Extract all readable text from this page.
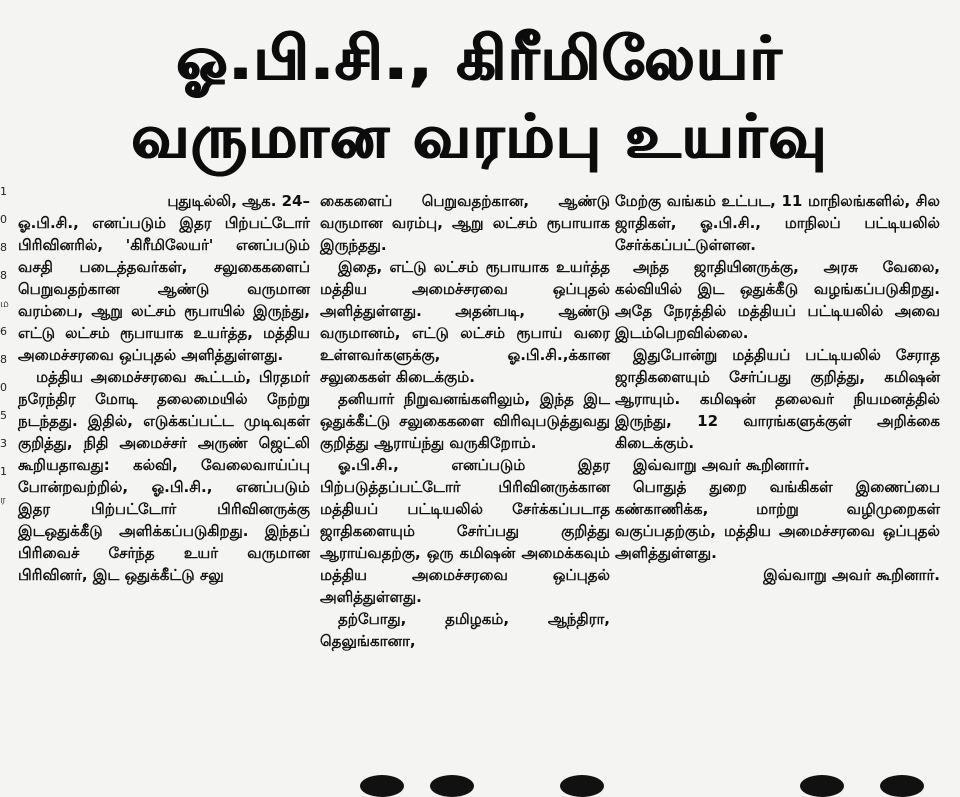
ஓ.பி.சி., கிரீமிலேயர்
வருமான வரம்பு உயர்வு
1
0
8
8
ம
6
8
0
5
3
1
ர

புதுடில்லி, ஆக. 24–

ஓ.பி.சி., எனப்படும் இதர பிற்பட்டோர் பிரிவினரில், 'கிரீமிலேயர்' எனப்படும் வசதி படைத்தவர்கள், சலுகைகளைப் பெறுவதற்கான ஆண்டு வருமான வரம்பை, ஆறு லட்சம் ரூபாயில் இருந்து, எட்டு லட்சம் ரூபாயாக உயர்த்த, மத்திய அமைச்சரவை ஒப்புதல் அளித்துள்ளது.

மத்திய அமைச்சரவை கூட்டம், பிரதமர் நரேந்திர மோடி தலைமையில் நேற்று நடந்தது. இதில், எடுக்கப்பட்ட முடிவுகள் குறித்து, நிதி அமைச்சர் அருண் ஜெட்லி கூறியதாவது: கல்வி, வேலைவாய்ப்பு போன்றவற்றில், ஓ.பி.சி., எனப்படும் இதர பிற்பட்டோர் பிரிவினருக்கு இடஒதுக்கீடு அளிக்கப்படுகிறது. இந்தப் பிரிவைச் சேர்ந்த உயர் வருமான பிரிவினர், இட ஒதுக்கீட்டு சலு

கைகளைப் பெறுவதற்கான, ஆண்டு வருமான வரம்பு, ஆறு லட்சம் ரூபாயாக இருந்தது.

இதை, எட்டு லட்சம் ரூபாயாக உயர்த்த மத்திய அமைச்சரவை ஒப்புதல் அளித்துள்ளது. அதன்படி, ஆண்டு வருமானம், எட்டு லட்சம் ரூபாய் வரை உள்ளவர்களுக்கு, ஓ.பி.சி.,க்கான சலுகைகள் கிடைக்கும்.

தனியார் நிறுவனங்களிலும், இந்த இட ஒதுக்கீட்டு சலுகைகளை விரிவுபடுத்துவது குறித்து ஆராய்ந்து வருகிறோம்.

ஓ.பி.சி., எனப்படும் இதர பிற்படுத்தப்பட்டோர் பிரிவினருக்கான மத்தியப் பட்டியலில் சேர்க்கப்படாத ஜாதிகளையும் சேர்ப்பது குறித்து ஆராய்வதற்கு, ஒரு கமிஷன் அமைக்கவும் மத்திய அமைச்சரவை ஒப்புதல் அளித்துள்ளது.

தற்போது, தமிழகம், ஆந்திரா, தெலுங்கானா,

மேற்கு வங்கம் உட்பட, 11 மாநிலங்களில், சில ஜாதிகள், ஓ.பி.சி., மாநிலப் பட்டியலில் சேர்க்கப்பட்டுள்ளன.

அந்த ஜாதியினருக்கு, அரசு வேலை, கல்வியில் இட ஒதுக்கீடு வழங்கப்படுகிறது. அதே நேரத்தில் மத்தியப் பட்டியலில் அவை இடம்பெறவில்லை.

இதுபோன்று மத்தியப் பட்டியலில் சேராத ஜாதிகளையும் சேர்ப்பது குறித்து, கமிஷன் ஆராயும். கமிஷன் தலைவர் நியமனத்தில் இருந்து, 12 வாரங்களுக்குள் அறிக்கை கிடைக்கும்.

இவ்வாறு அவர் கூறினார்.

பொதுத் துறை வங்கிகள் இணைப்பை கண்காணிக்க, மாற்று வழிமுறைகள் வகுப்பதற்கும், மத்திய அமைச்சரவை ஒப்புதல் அளித்துள்ளது.

இவ்வாறு அவர் கூறினார்.
